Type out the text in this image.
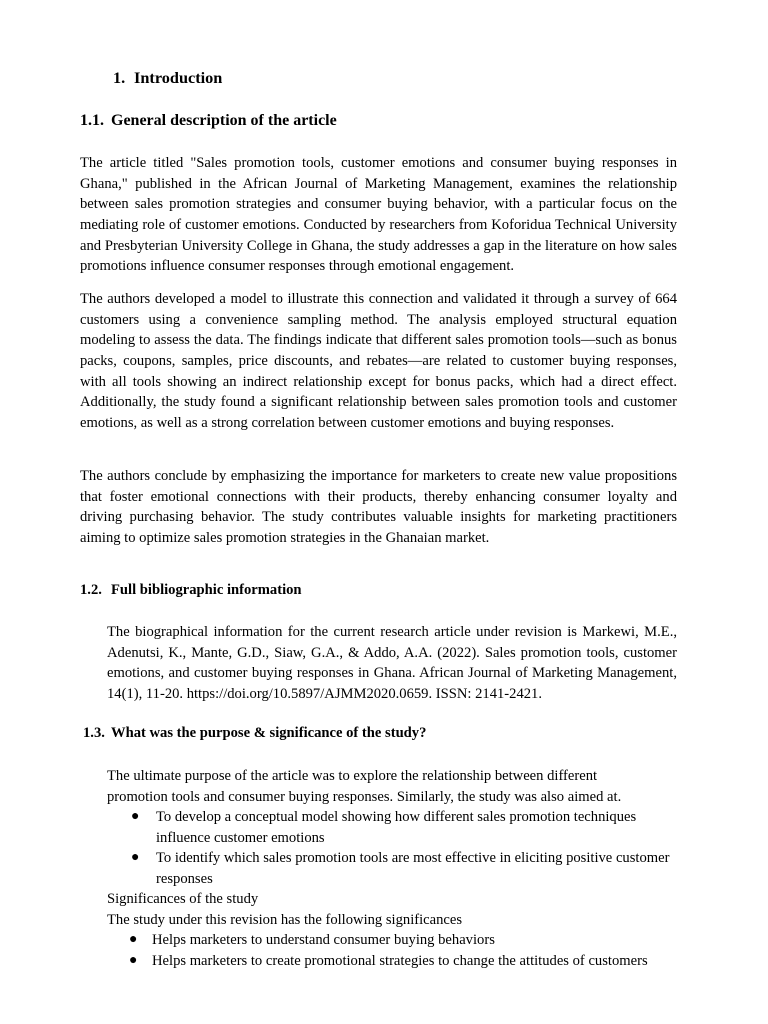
1. Introduction
1.1. General description of the article

The article titled "Sales promotion tools, customer emotions and consumer buying responses in Ghana," published in the African Journal of Marketing Management, examines the relationship between sales promotion strategies and consumer buying behavior, with a particular focus on the mediating role of customer emotions. Conducted by researchers from Koforidua Technical University and Presbyterian University College in Ghana, the study addresses a gap in the literature on how sales promotions influence consumer responses through emotional engagement.

The authors developed a model to illustrate this connection and validated it through a survey of 664 customers using a convenience sampling method. The analysis employed structural equation modeling to assess the data. The findings indicate that different sales promotion tools—such as bonus packs, coupons, samples, price discounts, and rebates—are related to customer buying responses, with all tools showing an indirect relationship except for bonus packs, which had a direct effect. Additionally, the study found a significant relationship between sales promotion tools and customer emotions, as well as a strong correlation between customer emotions and buying responses.

The authors conclude by emphasizing the importance for marketers to create new value propositions that foster emotional connections with their products, thereby enhancing consumer loyalty and driving purchasing behavior. The study contributes valuable insights for marketing practitioners aiming to optimize sales promotion strategies in the Ghanaian market.

1.2. Full bibliographic information

The biographical information for the current research article under revision is Markewi, M.E., Adenutsi, K., Mante, G.D., Siaw, G.A., & Addo, A.A. (2022). Sales promotion tools, customer emotions, and customer buying responses in Ghana. African Journal of Marketing Management, 14(1), 11-20. https://doi.org/10.5897/AJMM2020.0659. ISSN: 2141-2421.

1.3. What was the purpose & significance of the study?

The ultimate purpose of the article was to explore the relationship between different

promotion tools and consumer buying responses. Similarly, the study was also aimed at.

● To develop a conceptual model showing how different sales promotion techniques influence customer emotions
● To identify which sales promotion tools are most effective in eliciting positive customer responses

Significances of the study

The study under this revision has the following significances

● Helps marketers to understand consumer buying behaviors
● Helps marketers to create promotional strategies to change the attitudes of customers
